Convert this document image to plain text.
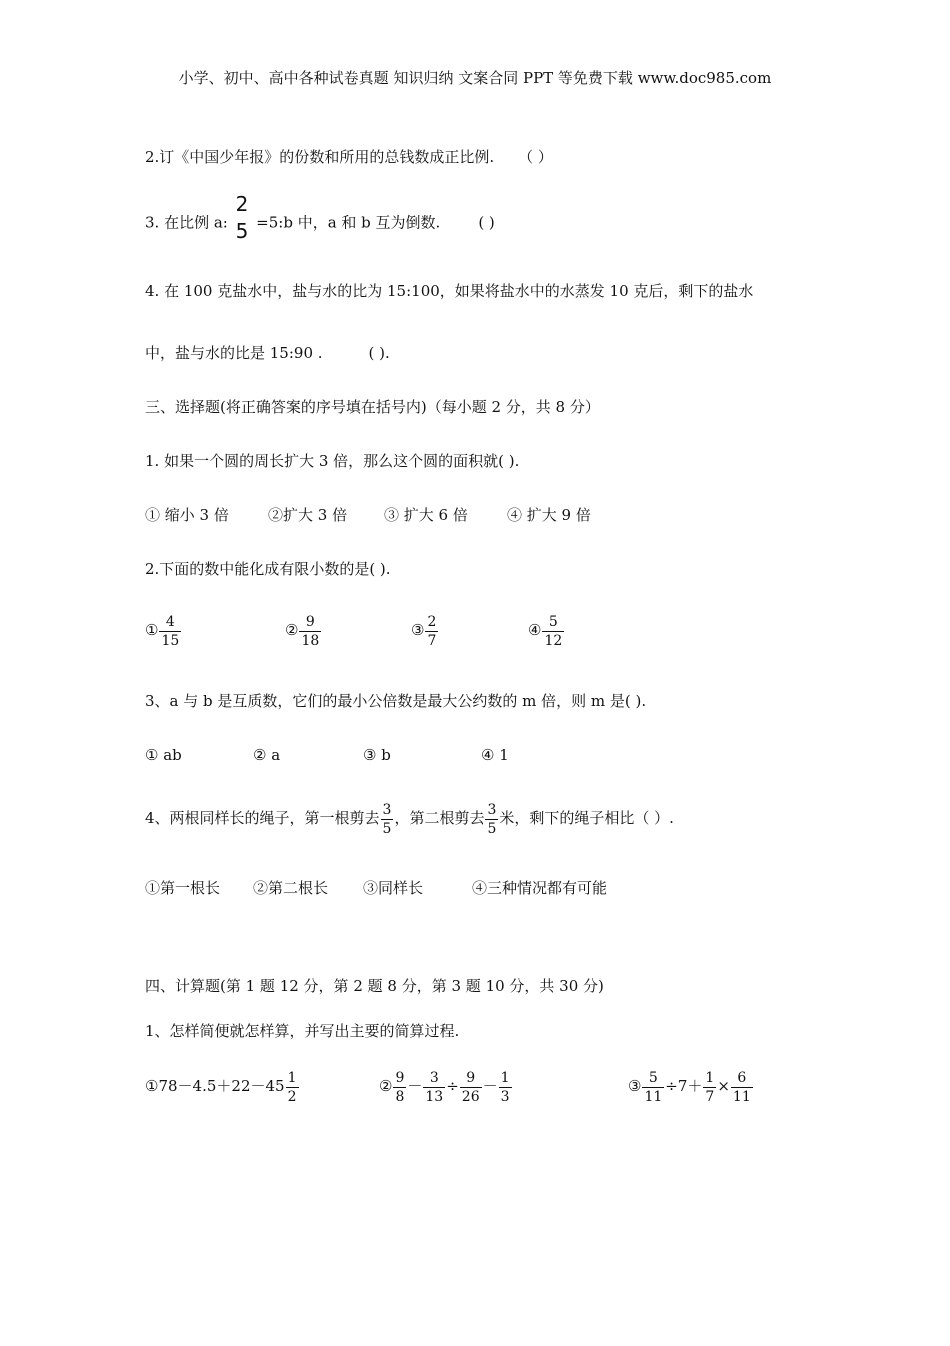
小学、初中、高中各种试卷真题 知识归纳 文案合同 PPT 等免费下载 www.doc985.com
2.订《中国少年报》的份数和所用的总钱数成正比例. （ ）
3. 在比例 a:
2
5 =5:b 中，a 和 b 互为倒数.	( )
4. 在 100 克盐水中，盐与水的比为 15:100，如果将盐水中的水蒸发 10 克后，剩下的盐水
中，盐与水的比是 15:90 .	( ).
三、选择题(将正确答案的序号填在括号内)（每小题 2 分，共 8 分）
1. 如果一个圆的周长扩大 3 倍，那么这个圆的面积就( ).
① 缩小 3 倍	②扩大 3 倍 ③ 扩大 6 倍	④ 扩大 9 倍
2.下面的数中能化成有限小数的是( ).
① $\frac{4}{15}$	② $\frac{9}{18}$	③ $\frac{2}{7}$	④ $\frac{5}{12}$
3、a 与 b 是互质数，它们的最小公倍数是最大公约数的 m 倍，则 m 是( ).
① ab	② a	③ b	④ 1
4、两根同样长的绳子，第一根剪去 $\frac{3}{5}$ ，第二根剪去 $\frac{3}{5}$ 米，剩下的绳子相比（ ）.
①第一根长 ②第二根长 ③同样长	④三种情况都有可能
四、计算题(第 1 题 12 分，第 2 题 8 分，第 3 题 10 分，共 30 分)
1、怎样简便就怎样算，并写出主要的简算过程.
①78－4.5＋22－45 $\frac{1}{2}$	② $\frac{9}{8} - \frac{3}{13} \div \frac{9}{26} - \frac{1}{3}$	③ $\frac{5}{11} \div 7+ \frac{1}{7} \times \frac{6}{11}$
